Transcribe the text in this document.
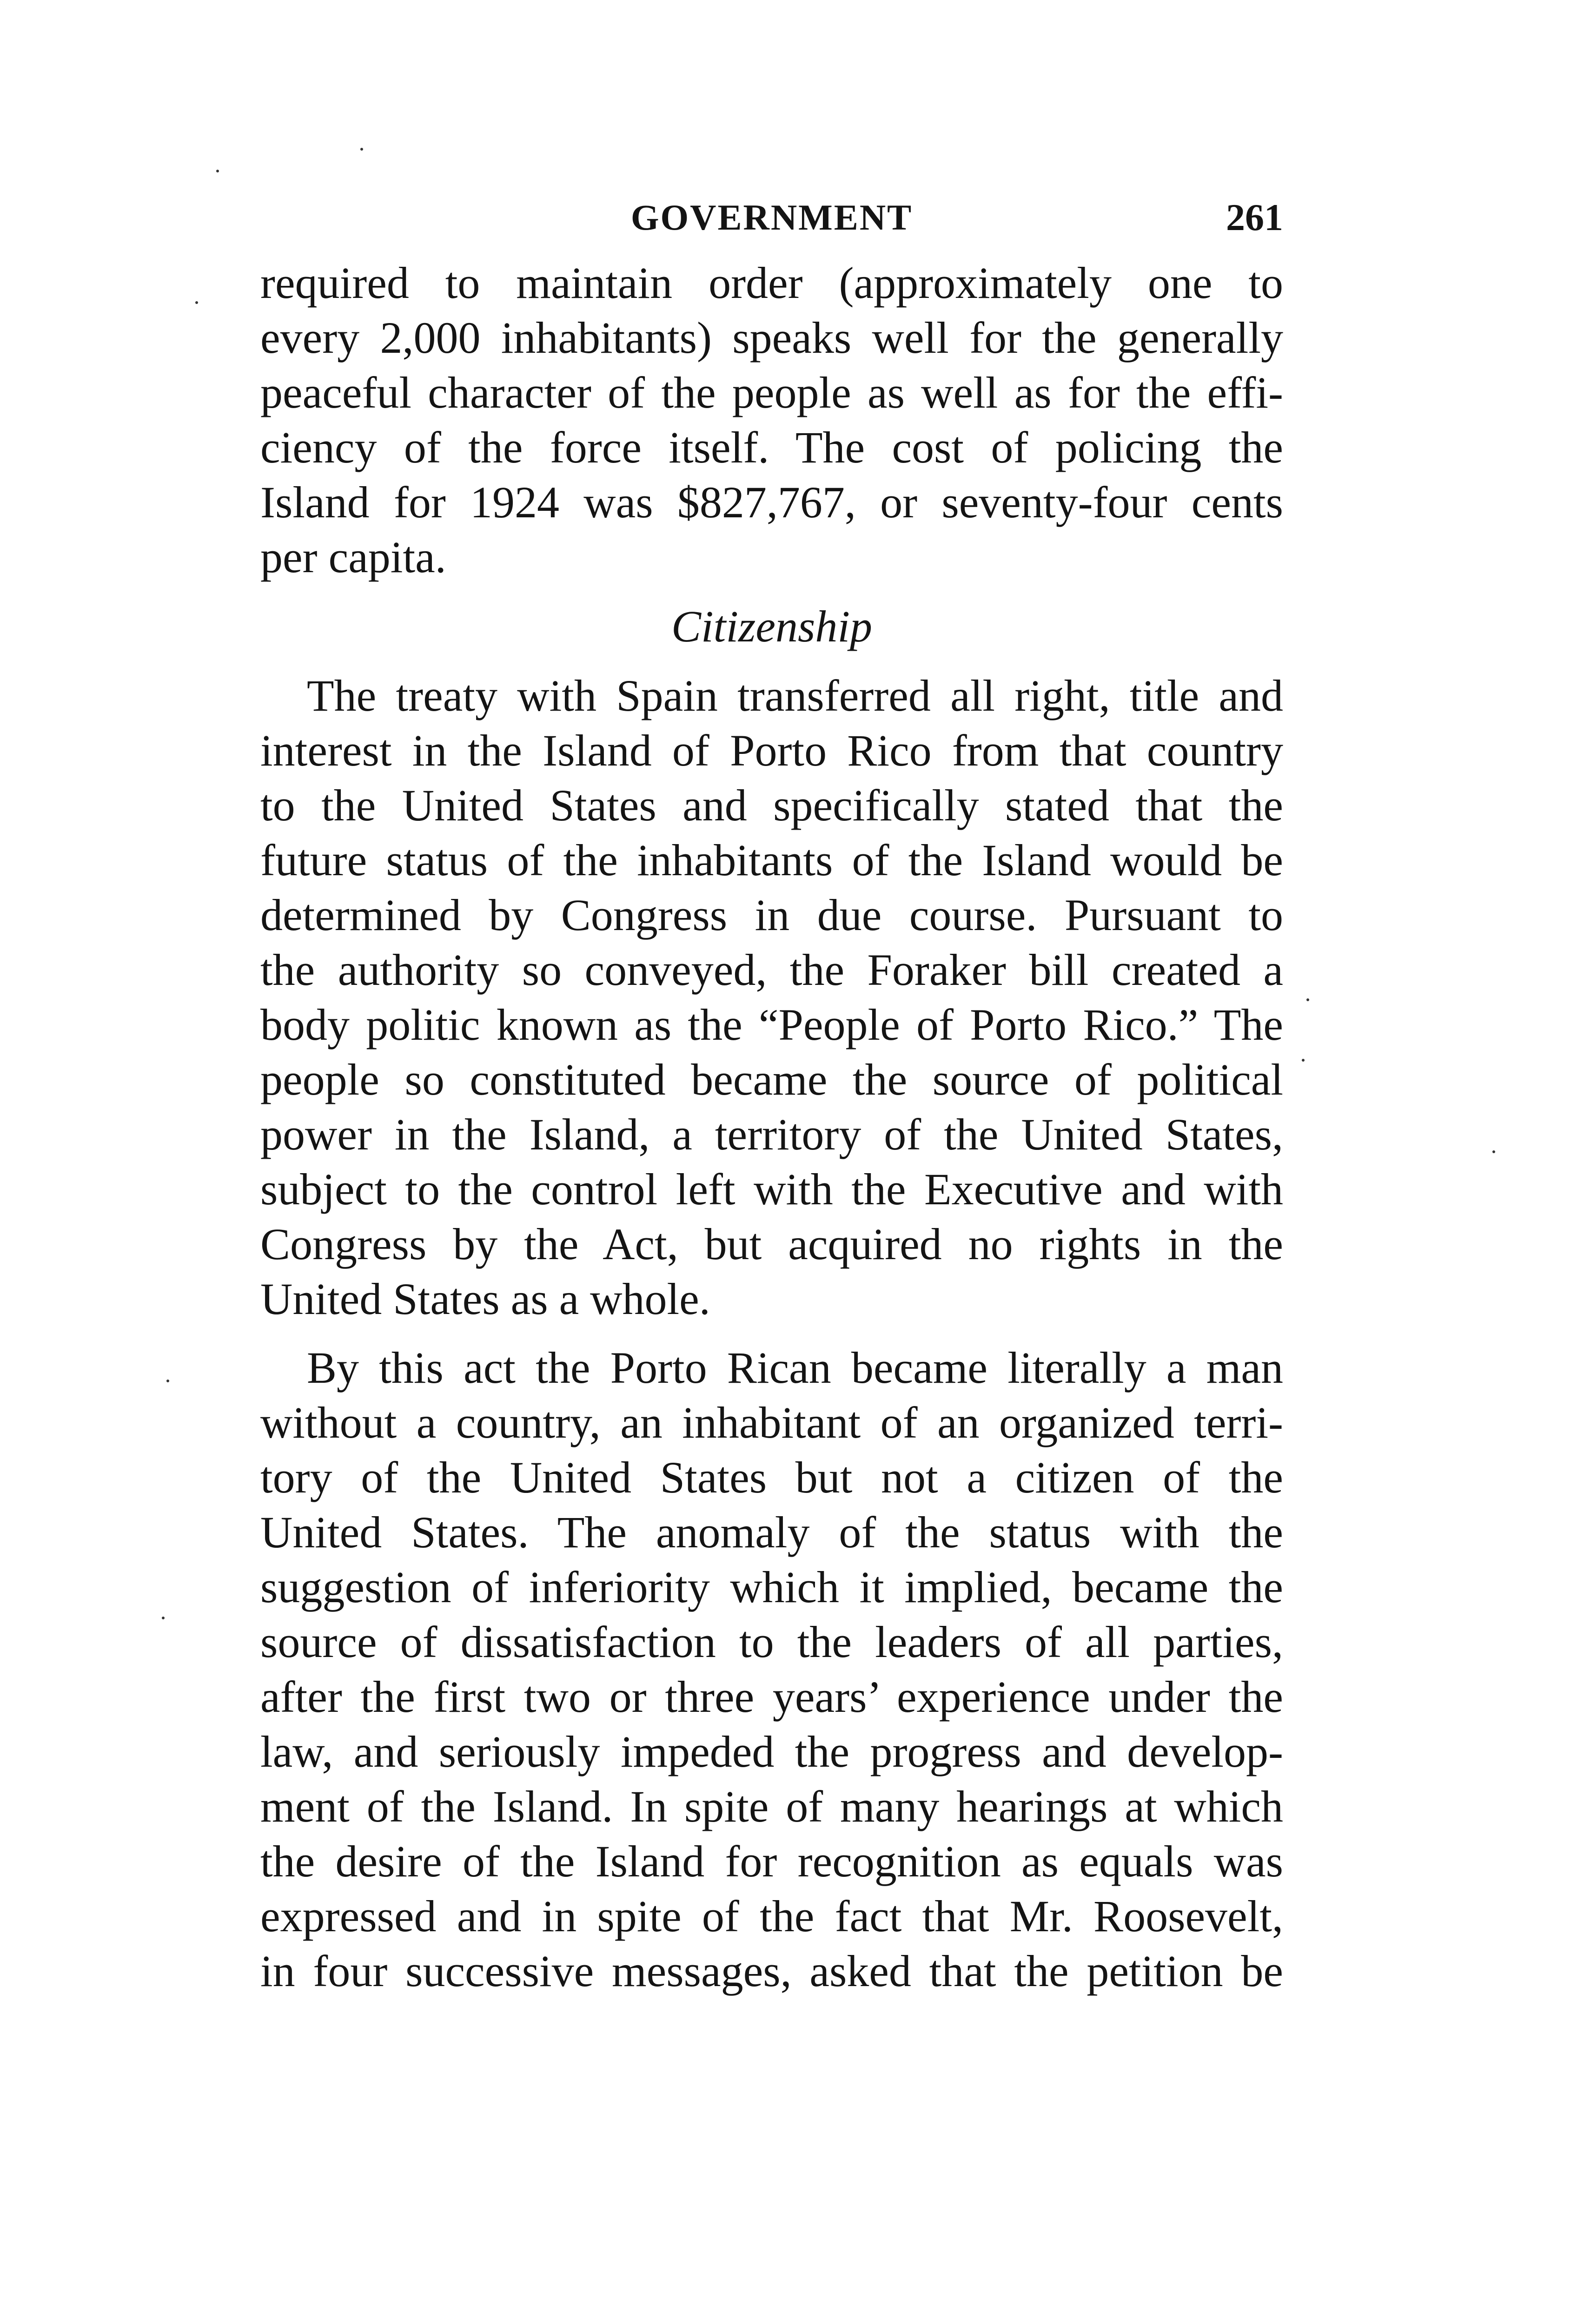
GOVERNMENT	261
required to maintain order (approximately one to
every 2,000 inhabitants) speaks well for the generally
peaceful character of the people as well as for the effi-
ciency of the force itself. The cost of policing the
Island for 1924 was $827,767, or seventy-four cents
per capita.
Citizenship
The treaty with Spain transferred all right, title and
interest in the Island of Porto Rico from that country
to the United States and specifically stated that the
future status of the inhabitants of the Island would be
determined by Congress in due course. Pursuant to
the authority so conveyed, the Foraker bill created a
body politic known as the “People of Porto Rico.” The
people so constituted became the source of political
power in the Island, a territory of the United States,
subject to the control left with the Executive and with
Congress by the Act, but acquired no rights in the
United States as a whole.
By this act the Porto Rican became literally a man
without a country, an inhabitant of an organized terri-
tory of the United States but not a citizen of the
United States. The anomaly of the status with the
suggestion of inferiority which it implied, became the
source of dissatisfaction to the leaders of all parties,
after the first two or three years’ experience under the
law, and seriously impeded the progress and develop-
ment of the Island. In spite of many hearings at which
the desire of the Island for recognition as equals was
expressed and in spite of the fact that Mr. Roosevelt,
in four successive messages, asked that the petition be
